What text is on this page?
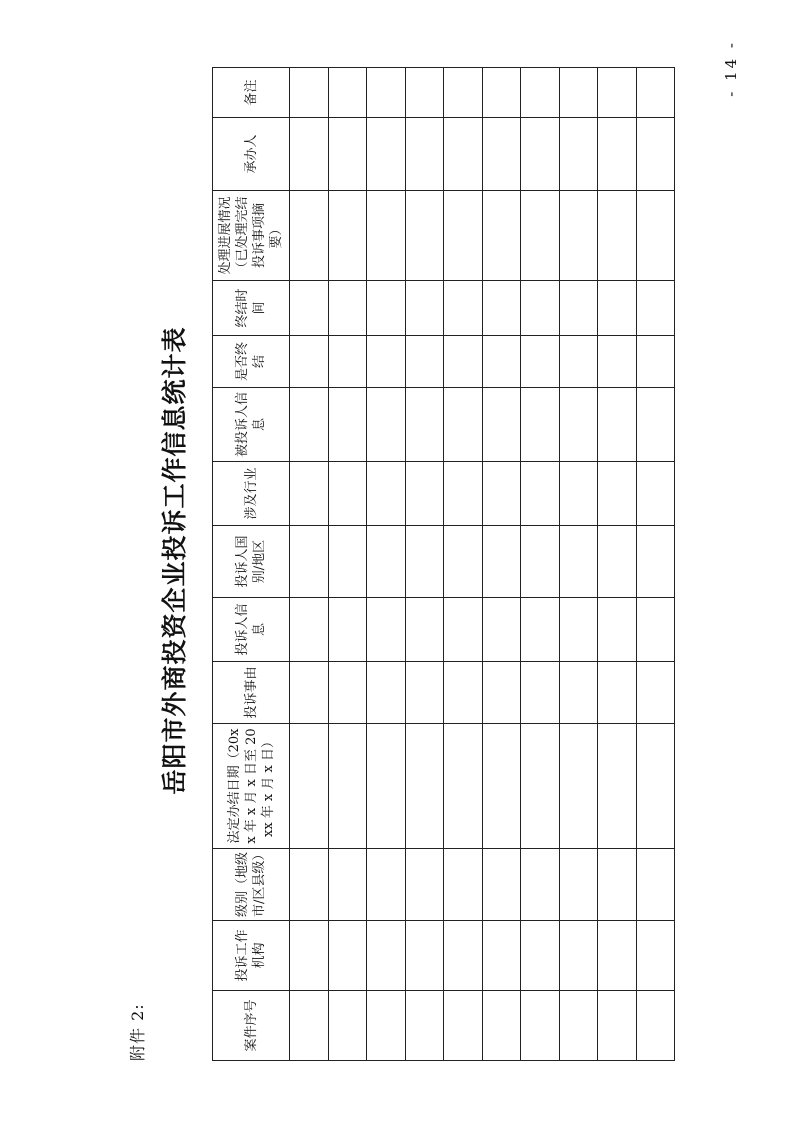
附件 2:
岳阳市外商投资企业投诉工作信息统计表
案件序号	投诉工作机构	级别（地级市/区县级）	法定办结日期（20xx 年 x 月 x 日至 20xx 年 x 月 x 日）	投诉事由	投诉人信息	投诉人国别/地区	涉及行业	被投诉人信息	是否终结	终结时间	处理进展情况（已处理完结投诉事项摘要）	承办人	备注

														- 14 -
